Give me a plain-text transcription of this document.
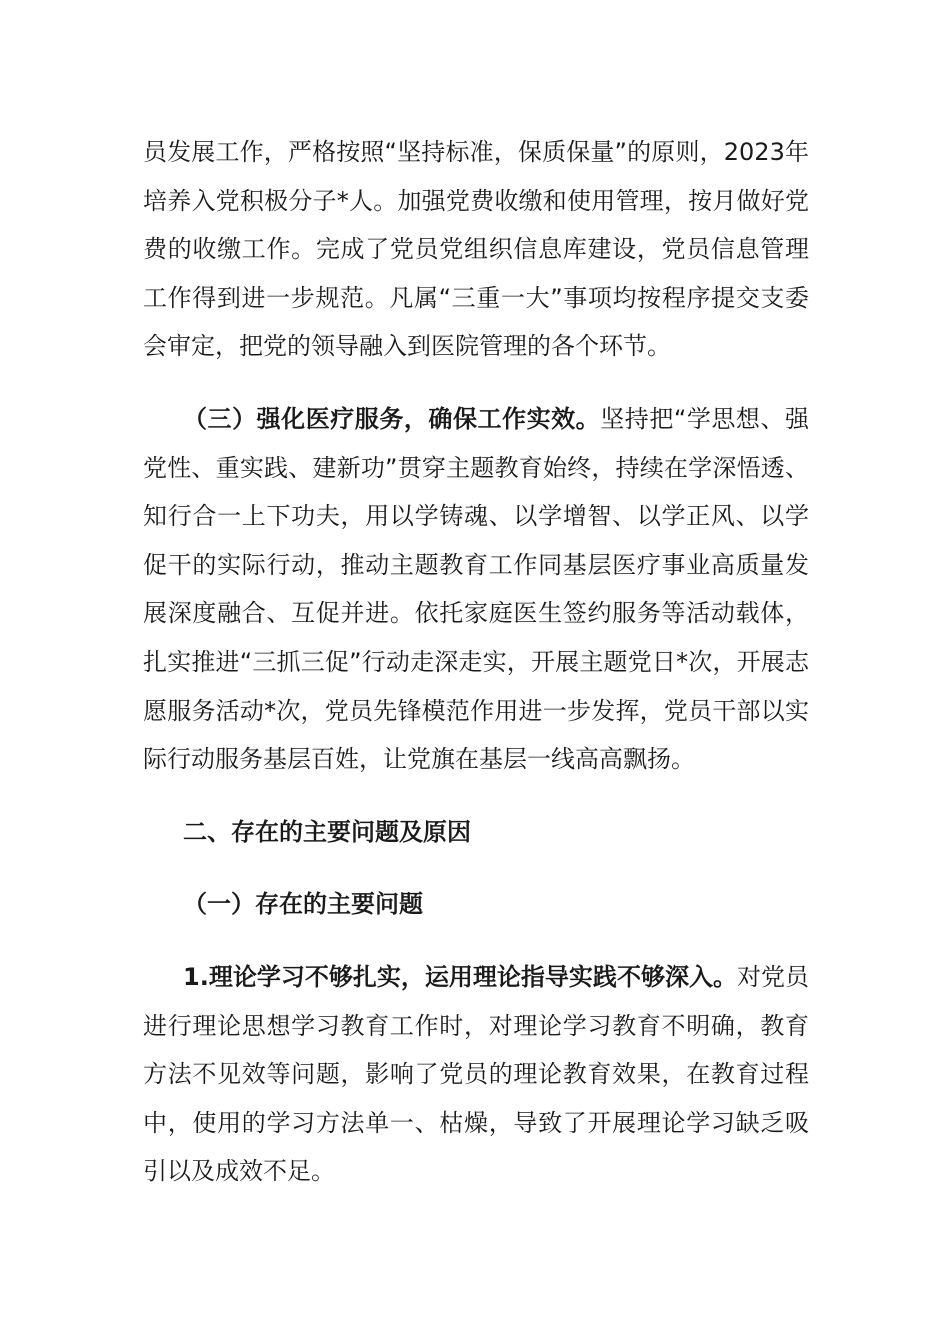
员发展工作，严格按照“坚持标准，保质保量”的原则，2023年培养入党积极分子*人。加强党费收缴和使用管理，按月做好党费的收缴工作。完成了党员党组织信息库建设，党员信息管理工作得到进一步规范。凡属“三重一大”事项均按程序提交支委会审定，把党的领导融入到医院管理的各个环节。

（三）强化医疗服务，确保工作实效。坚持把“学思想、强党性、重实践、建新功”贯穿主题教育始终，持续在学深悟透、知行合一上下功夫，用以学铸魂、以学增智、以学正风、以学促干的实际行动，推动主题教育工作同基层医疗事业高质量发展深度融合、互促并进。依托家庭医生签约服务等活动载体，扎实推进“三抓三促”行动走深走实，开展主题党日*次，开展志愿服务活动*次，党员先锋模范作用进一步发挥，党员干部以实际行动服务基层百姓，让党旗在基层一线高高飘扬。

二、存在的主要问题及原因

（一）存在的主要问题

1.理论学习不够扎实，运用理论指导实践不够深入。对党员进行理论思想学习教育工作时，对理论学习教育不明确，教育方法不见效等问题，影响了党员的理论教育效果，在教育过程中，使用的学习方法单一、枯燥，导致了开展理论学习缺乏吸引以及成效不足。
